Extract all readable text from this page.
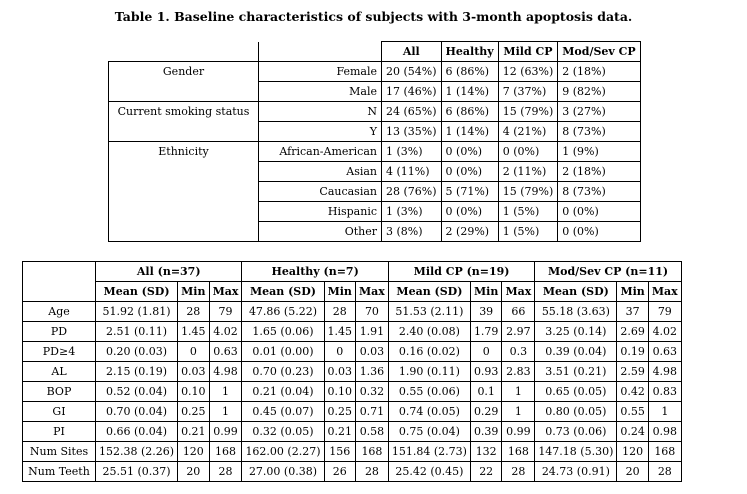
Table 1. Baseline characteristics of subjects with 3-month apoptosis data.
		All	Healthy	Mild CP	Mod/Sev CP
Gender	Female	20 (54%)	6 (86%)	12 (63%)	2 (18%)
	Male	17 (46%)	1 (14%)	7 (37%)	9 (82%)
Current smoking status	N	24 (65%)	6 (86%)	15 (79%)	3 (27%)
	Y	13 (35%)	1 (14%)	4 (21%)	8 (73%)
Ethnicity	African-American	1 (3%)	0 (0%)	0 (0%)	1 (9%)
	Asian	4 (11%)	0 (0%)	2 (11%)	2 (18%)
	Caucasian	28 (76%)	5 (71%)	15 (79%)	8 (73%)
	Hispanic	1 (3%)	0 (0%)	1 (5%)	0 (0%)
	Other	3 (8%)	2 (29%)	1 (5%)	0 (0%)
	All (n=37)			Healthy (n=7)			Mild CP (n=19)			Mod/Sev CP (n=11)		
	Mean (SD)	Min	Max	Mean (SD)	Min	Max	Mean (SD)	Min	Max	Mean (SD)	Min	Max
Age	51.92 (1.81)	28	79	47.86 (5.22)	28	70	51.53 (2.11)	39	66	55.18 (3.63)	37	79
PD	2.51 (0.11)	1.45	4.02	1.65 (0.06)	1.45	1.91	2.40 (0.08)	1.79	2.97	3.25 (0.14)	2.69	4.02
PD≥4	0.20 (0.03)	0	0.63	0.01 (0.00)	0	0.03	0.16 (0.02)	0	0.3	0.39 (0.04)	0.19	0.63
AL	2.15 (0.19)	0.03	4.98	0.70 (0.23)	0.03	1.36	1.90 (0.11)	0.93	2.83	3.51 (0.21)	2.59	4.98
BOP	0.52 (0.04)	0.10	1	0.21 (0.04)	0.10	0.32	0.55 (0.06)	0.1	1	0.65 (0.05)	0.42	0.83
GI	0.70 (0.04)	0.25	1	0.45 (0.07)	0.25	0.71	0.74 (0.05)	0.29	1	0.80 (0.05)	0.55	1
PI	0.66 (0.04)	0.21	0.99	0.32 (0.05)	0.21	0.58	0.75 (0.04)	0.39	0.99	0.73 (0.06)	0.24	0.98
Num Sites	152.38 (2.26)	120	168	162.00 (2.27)	156	168	151.84 (2.73)	132	168	147.18 (5.30)	120	168
Num Teeth	25.51 (0.37)	20	28	27.00 (0.38)	26	28	25.42 (0.45)	22	28	24.73 (0.91)	20	28
